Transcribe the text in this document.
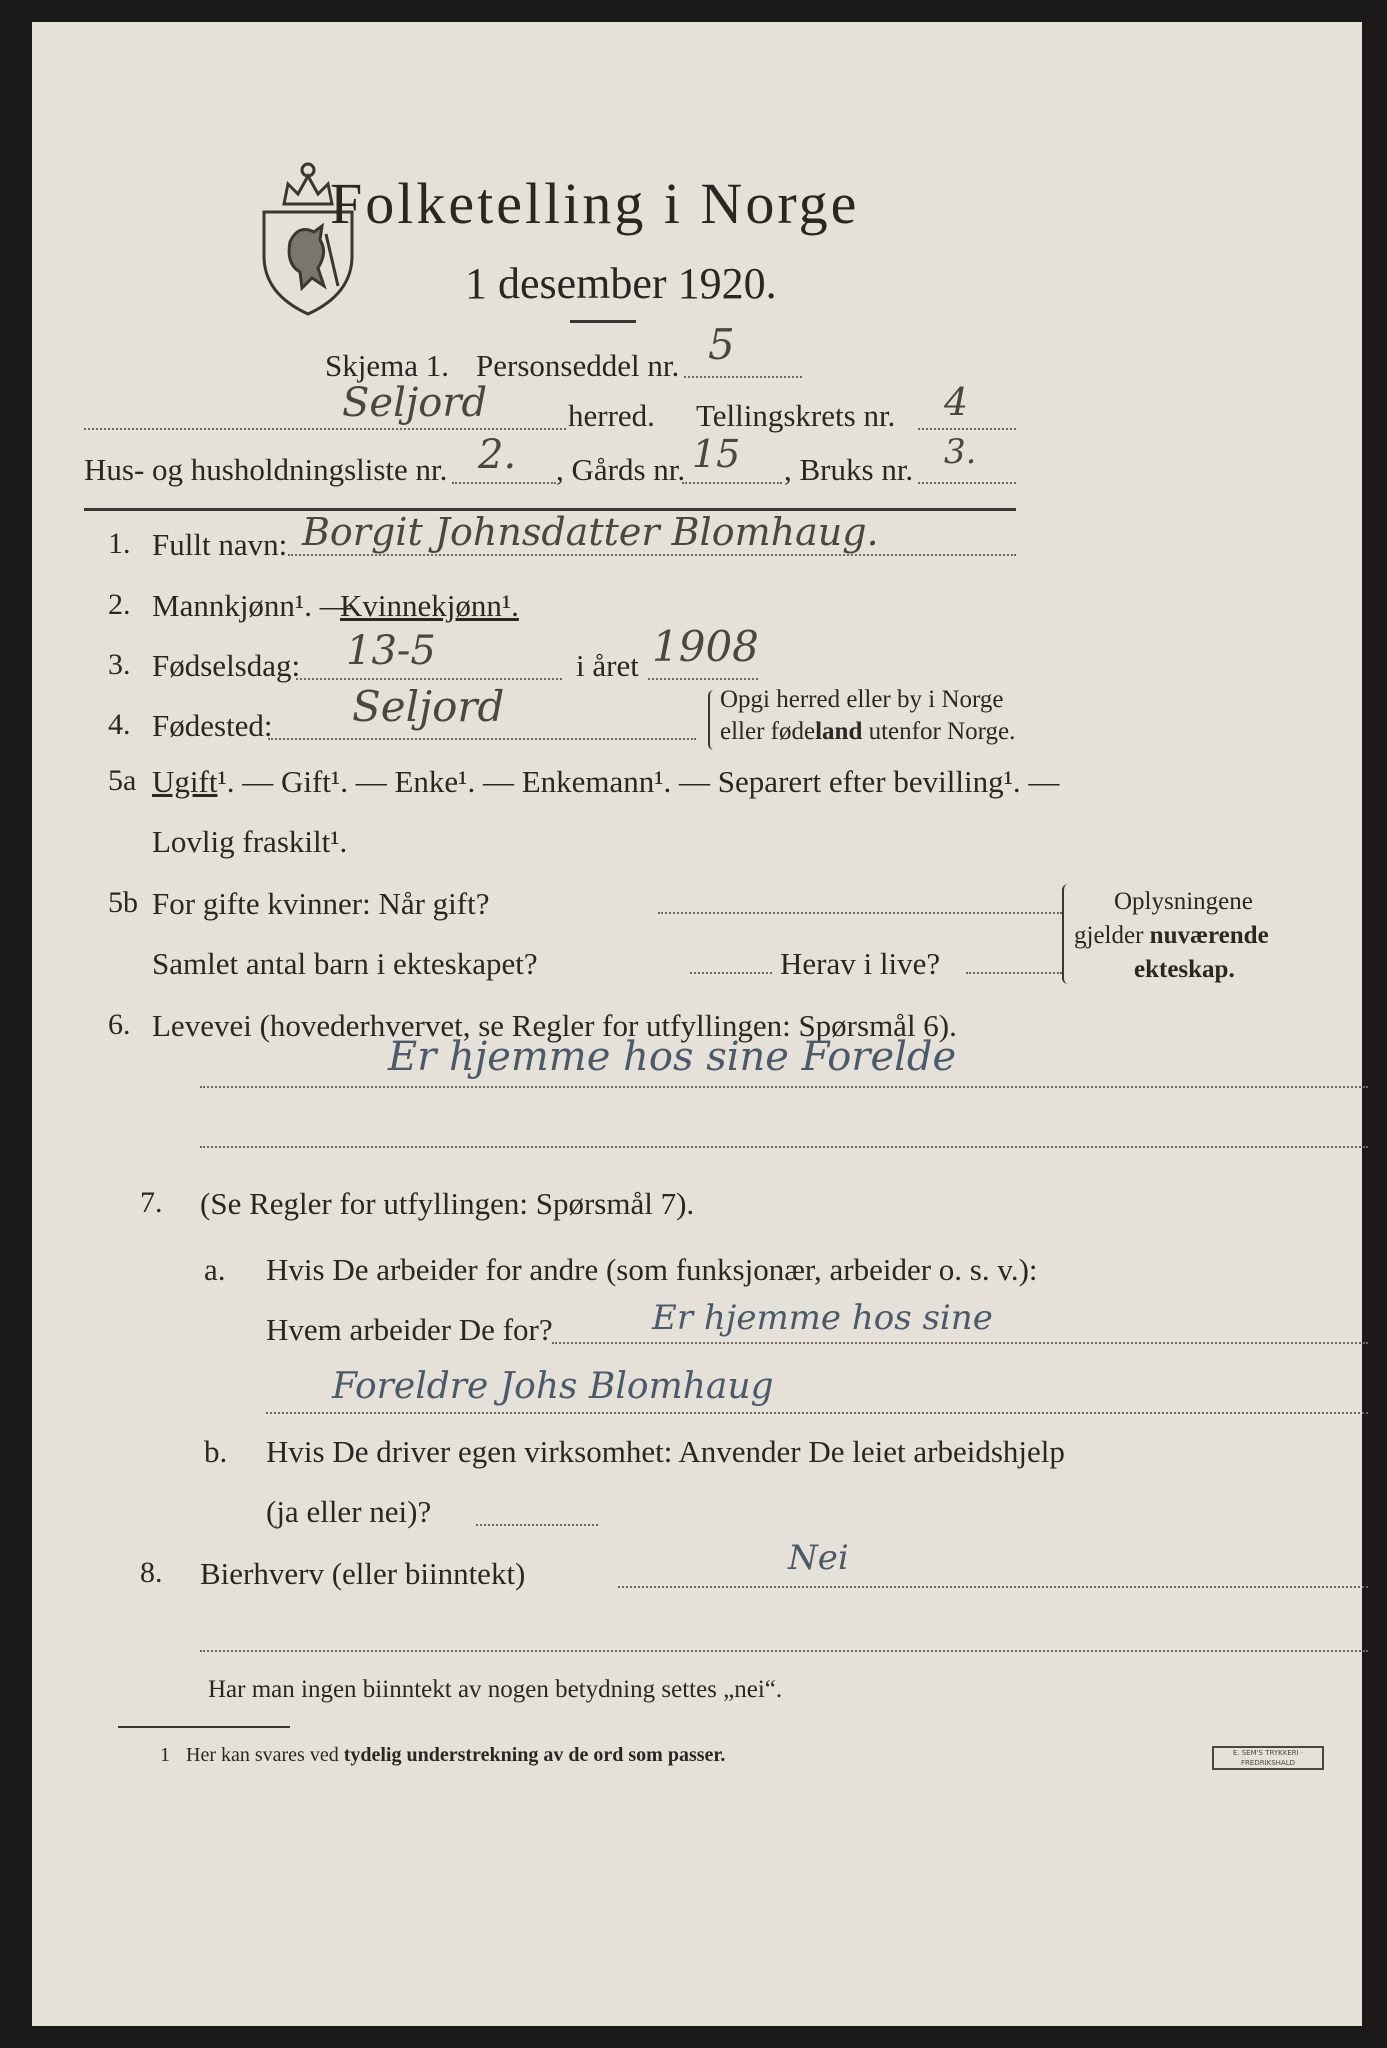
Folketelling i Norge
1 desember 1920.
Skjema 1. Personseddel nr. 5
Seljord	herred. Tellingskrets nr. 4
Hus- og husholdningsliste nr. 2. , Gårds nr. 15 , Bruks nr. 3.
1. Fullt navn: Borgit Johnsdatter Blomhaug.
2. Mannkjønn¹. —
Kvinnekjønn¹.
3. Fødselsdag: 13-5	i året 1908
4. Fødested: Seljord	Opgi herred eller by i Norge
eller fødeland utenfor Norge.
5a Ugift¹. — Gift¹. — Enke¹. — Enkemann¹. — Separert efter bevilling¹. —
Lovlig fraskilt¹.
5b For gifte kvinner: Når gift?
Samlet antal barn i ekteskapet?	Herav i live?
Oplysningene
gjelder nuværende
ekteskap.
6. Levevei (hovederhvervet, se Regler for utfyllingen: Spørsmål 6).
Er hjemme hos sine Forelde
7. (Se Regler for utfyllingen: Spørsmål 7).
a. Hvis De arbeider for andre (som funksjonær, arbeider o. s. v.):
Hvem arbeider De for?	Er hjemme hos sine
Foreldre Johs Blomhaug
b. Hvis De driver egen virksomhet: Anvender De leiet arbeidshjelp
(ja eller nei)?
8. Bierhverv (eller biinntekt)	Nei
Har man ingen biinntekt av nogen betydning settes „nei“.
1 Her kan svares ved tydelig understrekning av de ord som passer.	E. SEM'S TRYKKERI · FREDRIKSHALD
